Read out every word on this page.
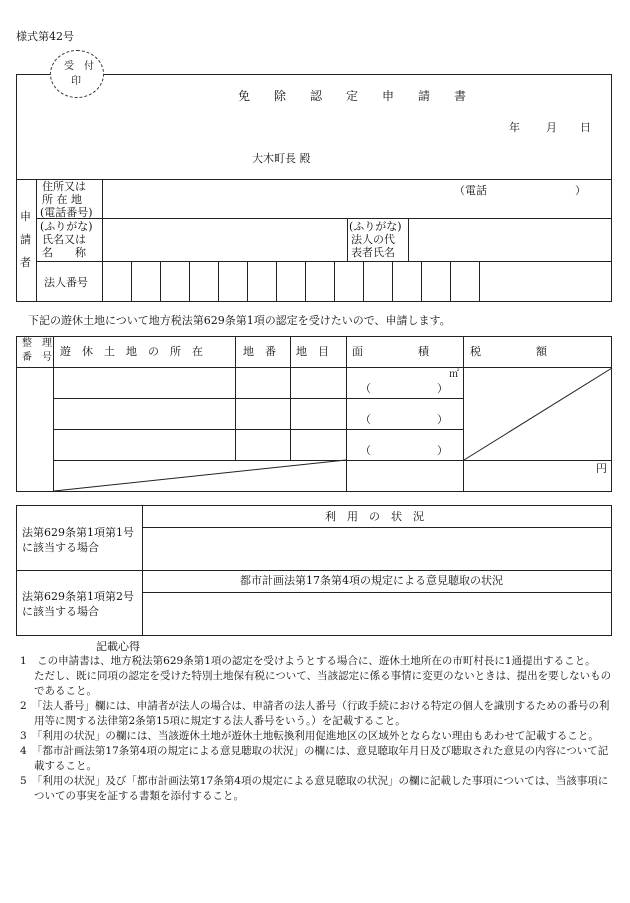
様式第42号
受　付
印
免　除　認　定　申　請　書
年 月 日
大木町長 殿
申
請
者
住所又は
所 在 地
(電話番号)
（電話　　　　　　　　）
(ふりがな)
氏名又は
名　　称
(ふりがな)
法人の代
表者氏名
法人番号
下記の遊休土地について地方税法第629条第1項の認定を受けたいので、申請します。
整　理
番　号 遊　休　土　地　の　所　在	地　番 地　目 面　　　　　積	税　　　　　額
㎡
（　　　　　　）
（　　　　　　）
（　　　　　　）
円
法第629条第1項第1号
に該当する場合
利　用　の　状　況
法第629条第1項第2号
に該当する場合
都市計画法第17条第4項の規定による意見聴取の状況
記載心得

1　この申請書は、地方税法第629条第1項の認定を受けようとする場合に、遊休土地所在の市町村長に1通提出すること。

ただし、既に同項の認定を受けた特別土地保有税について、当該認定に係る事情に変更のないときは、提出を要しないものであること。

2　「法人番号」欄には、申請者が法人の場合は、申請者の法人番号（行政手続における特定の個人を識別するための番号の利用等に関する法律第2条第15項に規定する法人番号をいう。）を記載すること。

3　「利用の状況」の欄には、当該遊休土地が遊休土地転換利用促進地区の区域外とならない理由もあわせて記載すること。

4　「都市計画法第17条第4項の規定による意見聴取の状況」の欄には、意見聴取年月日及び聴取された意見の内容について記載すること。

5　「利用の状況」及び「都市計画法第17条第4項の規定による意見聴取の状況」の欄に記載した事項については、当該事項についての事実を証する書類を添付すること。
